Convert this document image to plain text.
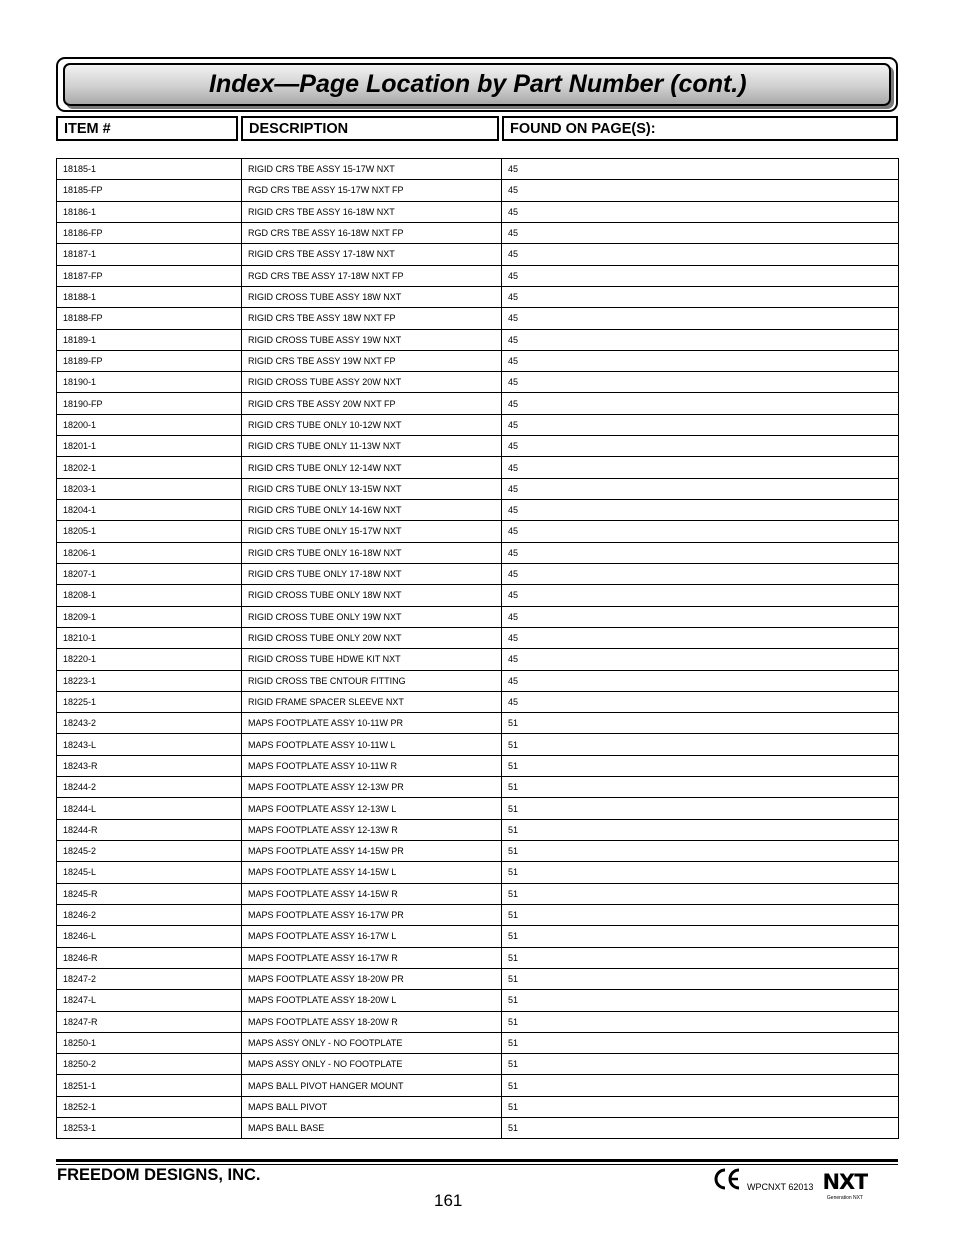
Index—Page Location by Part Number (cont.)
ITEM #	DESCRIPTION	FOUND ON PAGE(S):
18185-1	RIGID CRS TBE ASSY 15-17W NXT	45
18185-FP	RGD CRS TBE ASSY 15-17W NXT FP	45
18186-1	RIGID CRS TBE ASSY 16-18W NXT	45
18186-FP	RGD CRS TBE ASSY 16-18W NXT FP	45
18187-1	RIGID CRS TBE ASSY 17-18W NXT	45
18187-FP	RGD CRS TBE ASSY 17-18W NXT FP	45
18188-1	RIGID CROSS TUBE ASSY 18W NXT	45
18188-FP	RIGID CRS TBE ASSY 18W NXT FP	45
18189-1	RIGID CROSS TUBE ASSY 19W NXT	45
18189-FP	RIGID CRS TBE ASSY 19W NXT FP	45
18190-1	RIGID CROSS TUBE ASSY 20W NXT	45
18190-FP	RIGID CRS TBE ASSY 20W NXT FP	45
18200-1	RIGID CRS TUBE ONLY 10-12W NXT	45
18201-1	RIGID CRS TUBE ONLY 11-13W NXT	45
18202-1	RIGID CRS TUBE ONLY 12-14W NXT	45
18203-1	RIGID CRS TUBE ONLY 13-15W NXT	45
18204-1	RIGID CRS TUBE ONLY 14-16W NXT	45
18205-1	RIGID CRS TUBE ONLY 15-17W NXT	45
18206-1	RIGID CRS TUBE ONLY 16-18W NXT	45
18207-1	RIGID CRS TUBE ONLY 17-18W NXT	45
18208-1	RIGID CROSS TUBE ONLY 18W NXT	45
18209-1	RIGID CROSS TUBE ONLY 19W NXT	45
18210-1	RIGID CROSS TUBE ONLY 20W NXT	45
18220-1	RIGID CROSS TUBE HDWE KIT NXT	45
18223-1	RIGID CROSS TBE CNTOUR FITTING	45
18225-1	RIGID FRAME SPACER SLEEVE NXT	45
18243-2	MAPS FOOTPLATE ASSY 10-11W PR	51
18243-L	MAPS FOOTPLATE ASSY 10-11W L	51
18243-R	MAPS FOOTPLATE ASSY 10-11W R	51
18244-2	MAPS FOOTPLATE ASSY 12-13W PR	51
18244-L	MAPS FOOTPLATE ASSY 12-13W L	51
18244-R	MAPS FOOTPLATE ASSY 12-13W R	51
18245-2	MAPS FOOTPLATE ASSY 14-15W PR	51
18245-L	MAPS FOOTPLATE ASSY 14-15W L	51
18245-R	MAPS FOOTPLATE ASSY 14-15W R	51
18246-2	MAPS FOOTPLATE ASSY 16-17W PR	51
18246-L	MAPS FOOTPLATE ASSY 16-17W L	51
18246-R	MAPS FOOTPLATE ASSY 16-17W R	51
18247-2	MAPS FOOTPLATE ASSY 18-20W PR	51
18247-L	MAPS FOOTPLATE ASSY 18-20W L	51
18247-R	MAPS FOOTPLATE ASSY 18-20W R	51
18250-1	MAPS ASSY ONLY - NO FOOTPLATE	51
18250-2	MAPS ASSY ONLY - NO FOOTPLATE	51
18251-1	MAPS BALL PIVOT HANGER MOUNT	51
18252-1	MAPS BALL PIVOT	51
18253-1	MAPS BALL BASE	51
FREEDOM DESIGNS, INC.
161
WPCNXT 62013 NXT
Generation NXT
